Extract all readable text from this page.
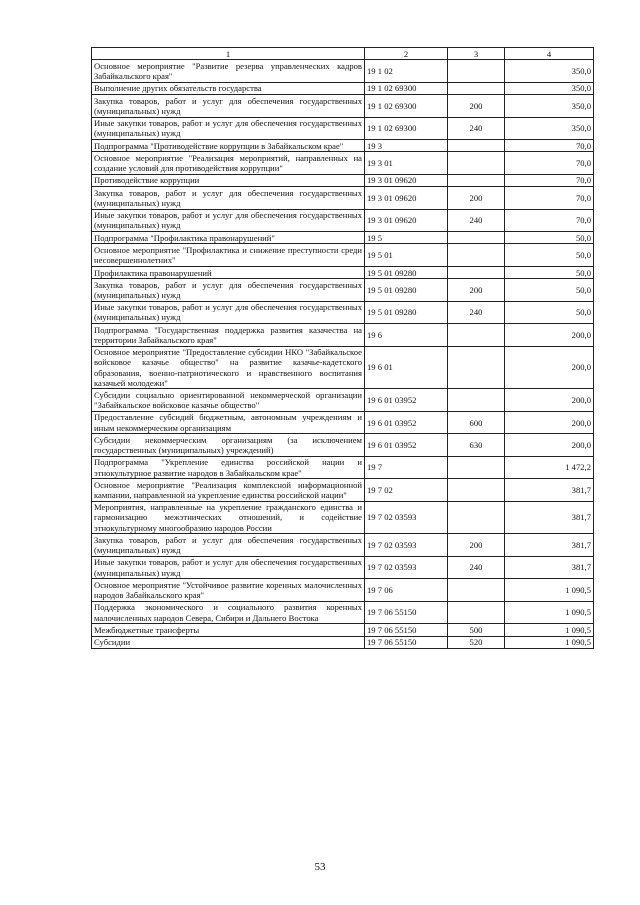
1	2	3	4
Основное мероприятие "Развитие резерва управленческих кадров Забайкальского края"	19 1 02		350,0
Выполнение других обязательств государства	19 1 02 69300		350,0
Закупка товаров, работ и услуг для обеспечения государственных (муниципальных) нужд	19 1 02 69300	200	350,0
Иные закупки товаров, работ и услуг для обеспечения государственных (муниципальных) нужд	19 1 02 69300	240	350,0
Подпрограмма "Противодействие коррупции в Забайкальском крае"	19 3		70,0
Основное мероприятие "Реализация мероприятий, направленных на создание условий для противодействия коррупции"	19 3 01		70,0
Противодействие коррупции	19 3 01 09620		70,0
Закупка товаров, работ и услуг для обеспечения государственных (муниципальных) нужд	19 3 01 09620	200	70,0
Иные закупки товаров, работ и услуг для обеспечения государственных (муниципальных) нужд	19 3 01 09620	240	70,0
Подпрограмма "Профилактика правонарушений"	19 5		50,0
Основное мероприятие "Профилактика и снижение преступности среди несовершеннолетних"	19 5 01		50,0
Профилактика правонарушений	19 5 01 09280		50,0
Закупка товаров, работ и услуг для обеспечения государственных (муниципальных) нужд	19 5 01 09280	200	50,0
Иные закупки товаров, работ и услуг для обеспечения государственных (муниципальных) нужд	19 5 01 09280	240	50,0
Подпрограмма "Государственная поддержка развития казачества на территории Забайкальского края"	19 6		200,0
Основное мероприятие "Предоставление субсидии НКО "Забайкальское войсковое казачье общество" на развитие казачье-кадетского образования, военно-патриотического и нравственного воспитания казачьей молодежи"	19 6 01		200,0
Субсидии социально ориентированной некоммерческой организации "Забайкальское войсковое казачье общество"	19 6 01 03952		200,0
Предоставление субсидий бюджетным, автономным учреждениям и иным некоммерческим организациям	19 6 01 03952	600	200,0
Субсидии некоммерческим организациям (за исключением государственных (муниципальных) учреждений)	19 6 01 03952	630	200,0
Подпрограмма "Укрепление единства российской нации и этнокультурное развитие народов в Забайкальском крае"	19 7		1 472,2
Основное мероприятие "Реализация комплексной информационной кампании, направленной на укрепление единства российской нации"	19 7 02		381,7
Мероприятия, направленные на укрепление гражданского единства и гармонизацию межэтнических отношений, и содействие этнокультурному многообразию народов России	19 7 02 03593		381,7
Закупка товаров, работ и услуг для обеспечения государственных (муниципальных) нужд	19 7 02 03593	200	381,7
Иные закупки товаров, работ и услуг для обеспечения государственных (муниципальных) нужд	19 7 02 03593	240	381,7
Основное мероприятие "Устойчивое развитие коренных малочисленных народов Забайкальского края"	19 7 06		1 090,5
Поддержка экономического и социального развития коренных малочисленных народов Севера, Сибири и Дальнего Востока	19 7 06 55150		1 090,5
Межбюджетные трансферты	19 7 06 55150	500	1 090,5
Субсидии	19 7 06 55150	520	1 090,5
53
